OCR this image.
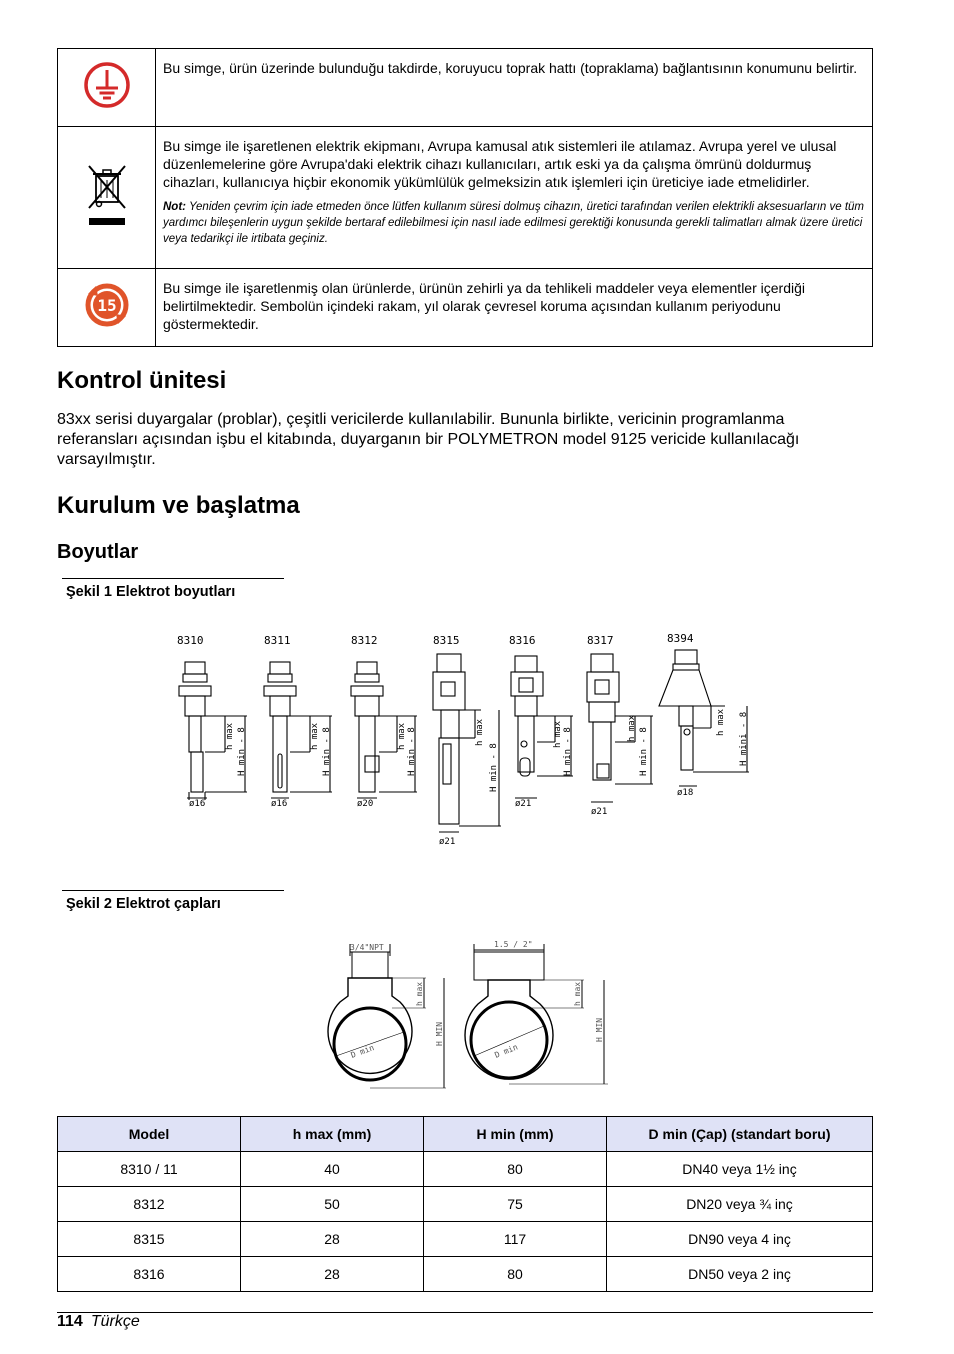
	Bu simge, ürün üzerinde bulunduğu takdirde, koruyucu toprak hattı (topraklama) bağlantısının konumunu belirtir.

Bu simge ile işaretlenen elektrik ekipmanı, Avrupa kamusal atık sistemleri ile atılamaz. Avrupa yerel ve ulusal düzenlemelerine göre Avrupa'daki elektrik cihazı kullanıcıları, artık eski ya da çalışma ömrünü doldurmuş cihazları, kullanıcıya hiçbir ekonomik yükümlülük gelmeksizin atık işlemleri için üreticiye iade etmelidirler.
Not: Yeniden çevrim için iade etmeden önce lütfen kullanım süresi dolmuş cihazın, üretici tarafından verilen elektrikli aksesuarların ve tüm yardımcı bileşenlerin uygun şekilde bertaraf edilebilmesi için nasıl iade edilmesi gerektiği konusunda gerekli talimatları almak üzere üretici veya tedarikçi ile irtibata geçiniz.

15	Bu simge ile işaretlenmiş olan ürünlerde, ürünün zehirli ya da tehlikeli maddeler veya elementler içerdiği belirtilmektedir. Sembolün içindeki rakam, yıl olarak çevresel koruma açısından kullanım periyodunu göstermektedir.
Kontrol ünitesi
83xx serisi duyargalar (problar), çeşitli vericilerde kullanılabilir. Bununla birlikte, vericinin programlanma referansları açısından işbu el kitabında, duyarganın bir POLYMETRON model 9125 vericide kullanılacağı varsayılmıştır.
Kurulum ve başlatma
Boyutlar
Şekil 1 Elektrot boyutları
8310	8311	8312	8315	8316	8317	8394
ø16	ø16	ø20
ø21
ø21
ø21
ø18
h max H min - 8	h max H min - 8	h max H min - 8	h max
H min - 8
h max H min - 8	h max H min - 8
h max H mini - 8
Şekil 2 Elektrot çapları
3/4"NPT	1.5 / 2"
h max
H MIN
h max
H MIN
D min	D min
Model	h max (mm)	H min (mm)	D min (Çap) (standart boru)
8310 / 11	40	80	DN40 veya 1½ inç
8312	50	75	DN20 veya ¾ inç
8315	28	117	DN90 veya 4 inç
8316	28	80	DN50 veya 2 inç
114 Türkçe
